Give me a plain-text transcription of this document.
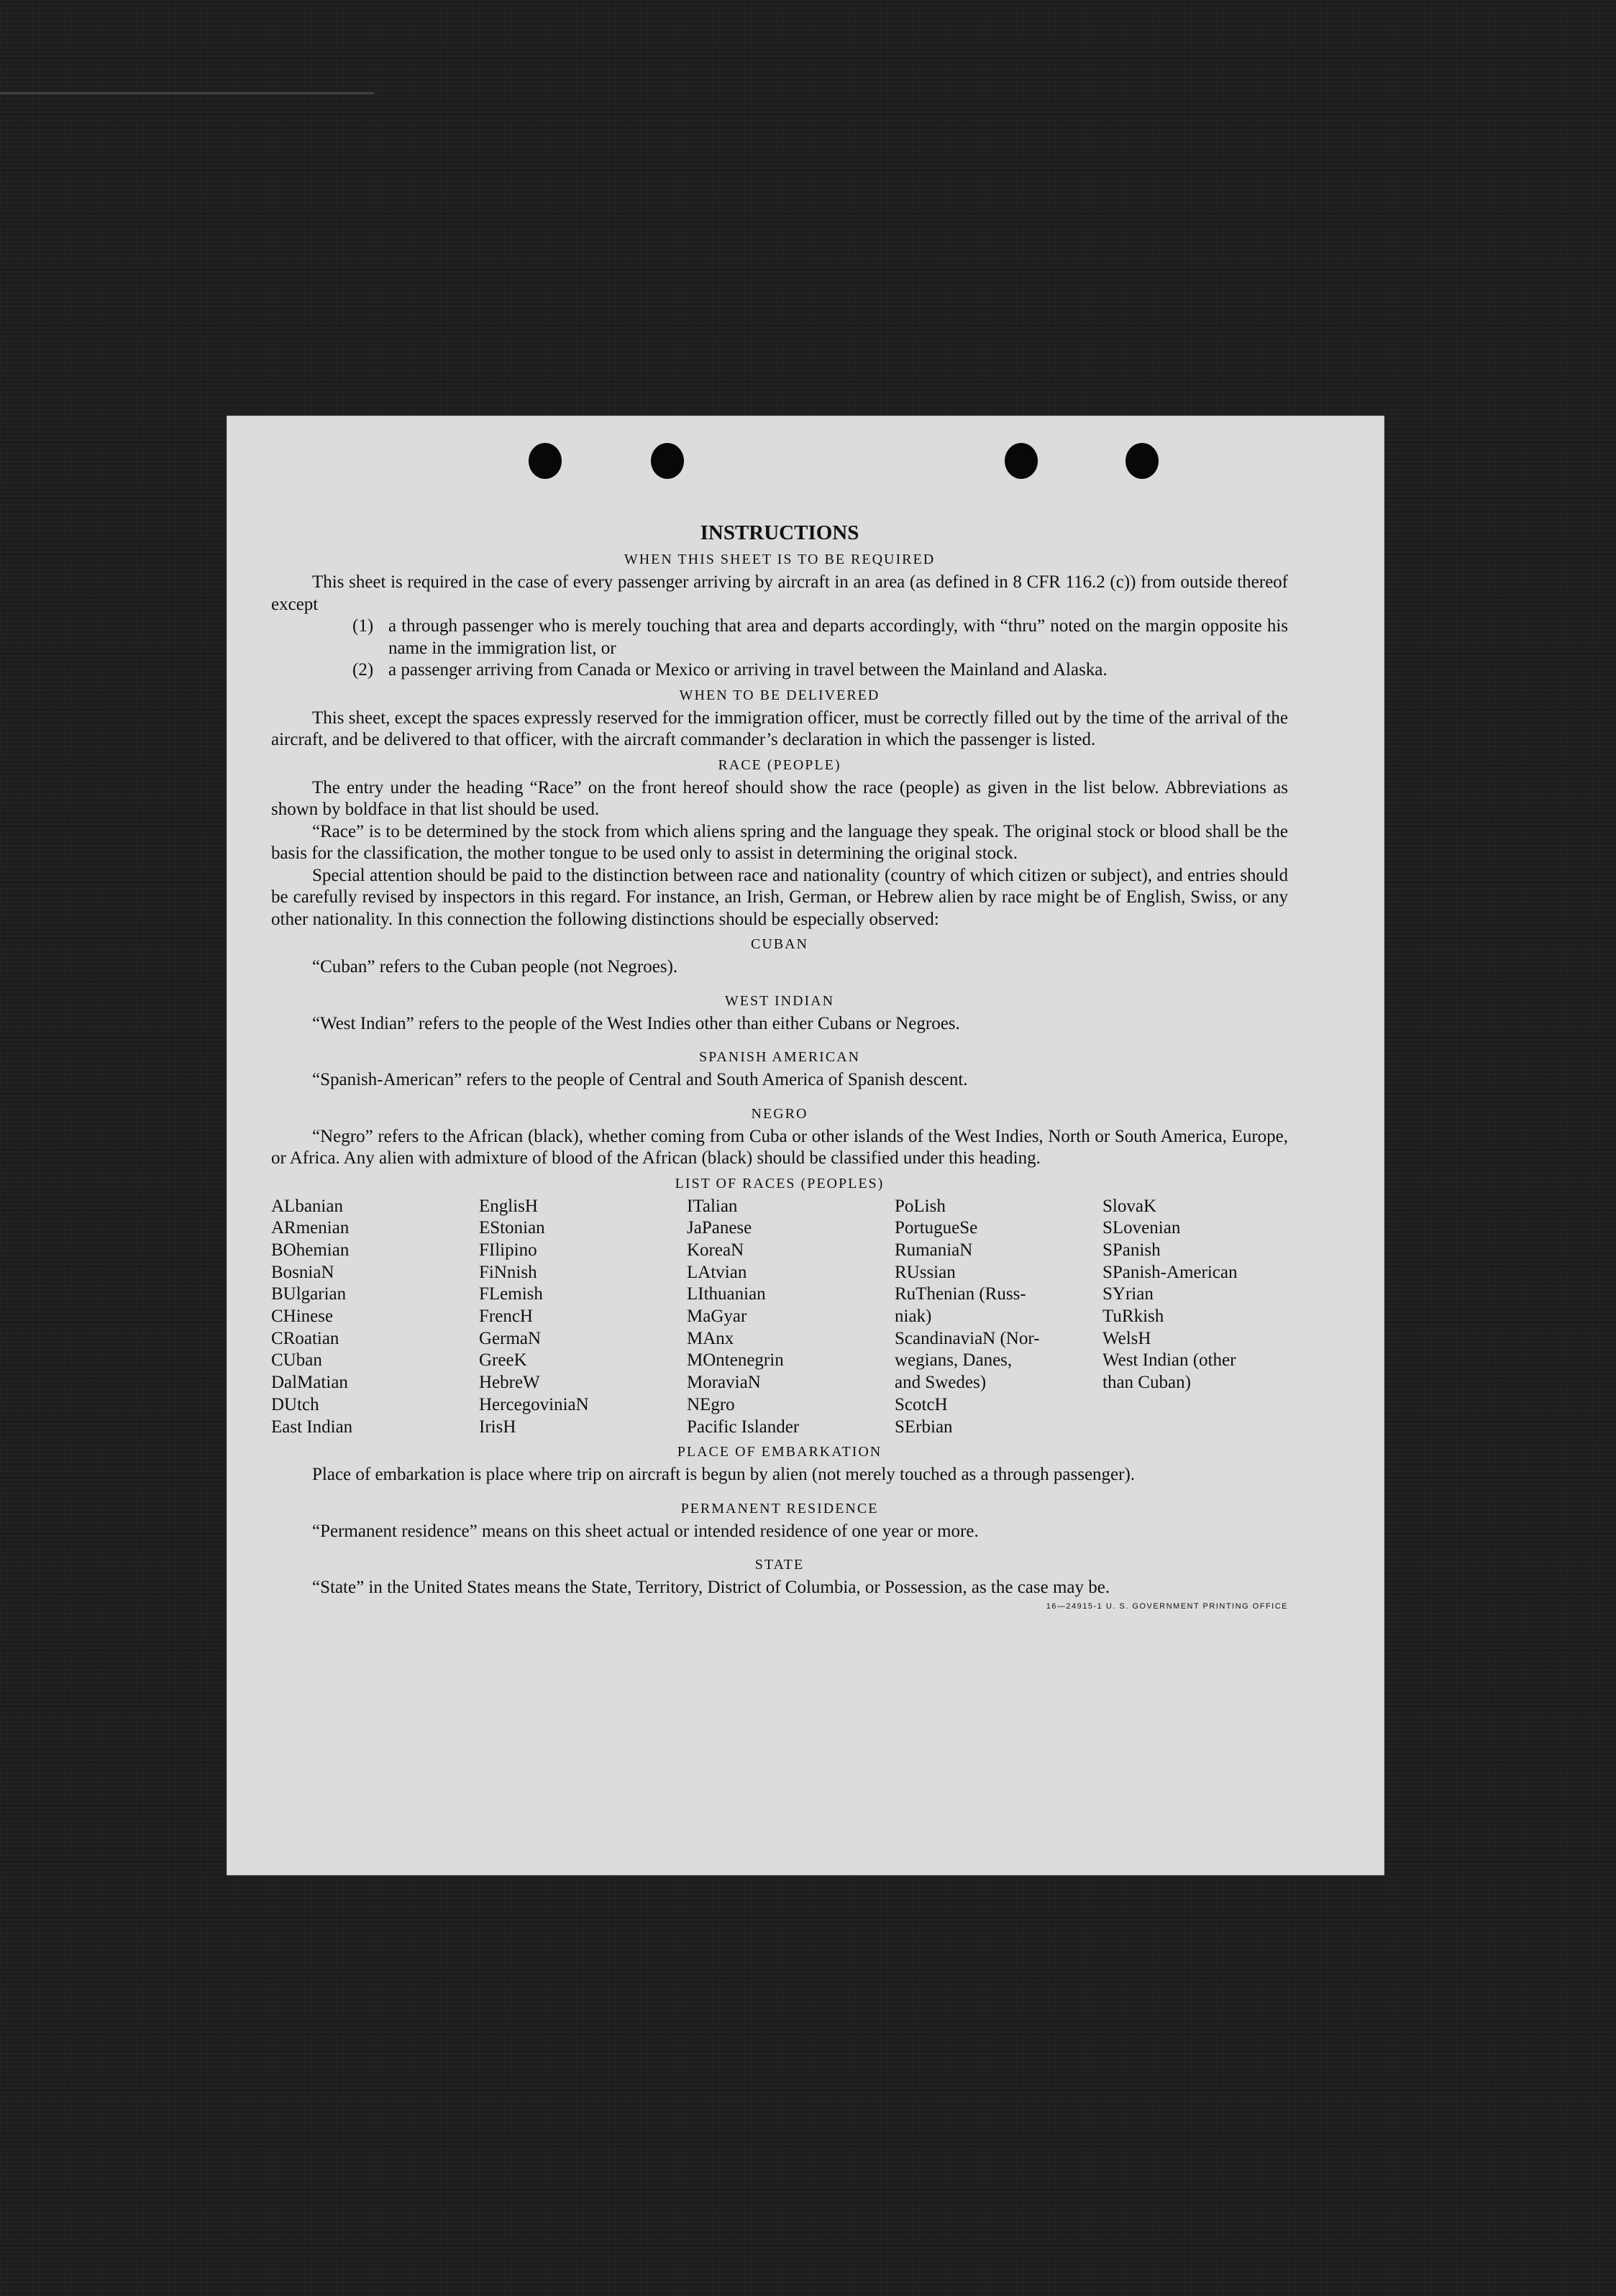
INSTRUCTIONS

WHEN THIS SHEET IS TO BE REQUIRED

This sheet is required in the case of every passenger arriving by aircraft in an area (as defined in 8 CFR 116.2 (c)) from outside thereof except

(1) a through passenger who is merely touching that area and departs accordingly, with “thru” noted on the margin opposite his name in the immigration list, or
(2) a passenger arriving from Canada or Mexico or arriving in travel between the Mainland and Alaska.

WHEN TO BE DELIVERED

This sheet, except the spaces expressly reserved for the immigration officer, must be correctly filled out by the time of the arrival of the aircraft, and be delivered to that officer, with the aircraft commander’s declaration in which the passenger is listed.

RACE (PEOPLE)

The entry under the heading “Race” on the front hereof should show the race (people) as given in the list below. Abbreviations as shown by boldface in that list should be used.

“Race” is to be determined by the stock from which aliens spring and the language they speak. The original stock or blood shall be the basis for the classification, the mother tongue to be used only to assist in determining the original stock.

Special attention should be paid to the distinction between race and nationality (country of which citizen or subject), and entries should be carefully revised by inspectors in this regard. For instance, an Irish, German, or Hebrew alien by race might be of English, Swiss, or any other nationality. In this connection the following distinctions should be especially observed:

CUBAN

“Cuban” refers to the Cuban people (not Negroes).

WEST INDIAN

“West Indian” refers to the people of the West Indies other than either Cubans or Negroes.

SPANISH AMERICAN

“Spanish-American” refers to the people of Central and South America of Spanish descent.

NEGRO

“Negro” refers to the African (black), whether coming from Cuba or other islands of the West Indies, North or South America, Europe, or Africa. Any alien with admixture of blood of the African (black) should be classified under this heading.

LIST OF RACES (PEOPLES)

ALbanian
ARmenian
BOhemian
BosniaN
BUlgarian
CHinese
CRoatian
CUban
DalMatian
DUtch
East Indian
EnglisH
EStonian
FIlipino
FiNnish
FLemish
FrencH
GermaN
GreeK
HebreW
HercegoviniaN
IrisH
ITalian
JaPanese
KoreaN
LAtvian
LIthuanian
MaGyar
MAnx
MOntenegrin
MoraviaN
NEgro
Pacific Islander
PoLish
PortugueSe
RumaniaN
RUssian
RuThenian (Russ-
niak)
ScandinaviaN (Nor-
wegians, Danes,
and Swedes)
ScotcH
SErbian
SlovaK
SLovenian
SPanish
SPanish-American
SYrian
TuRkish
WelsH
West Indian (other
than Cuban)

PLACE OF EMBARKATION

Place of embarkation is place where trip on aircraft is begun by alien (not merely touched as a through passenger).

PERMANENT RESIDENCE

“Permanent residence” means on this sheet actual or intended residence of one year or more.

STATE

“State” in the United States means the State, Territory, District of Columbia, or Possession, as the case may be.

16—24915-1 U. S. GOVERNMENT PRINTING OFFICE
